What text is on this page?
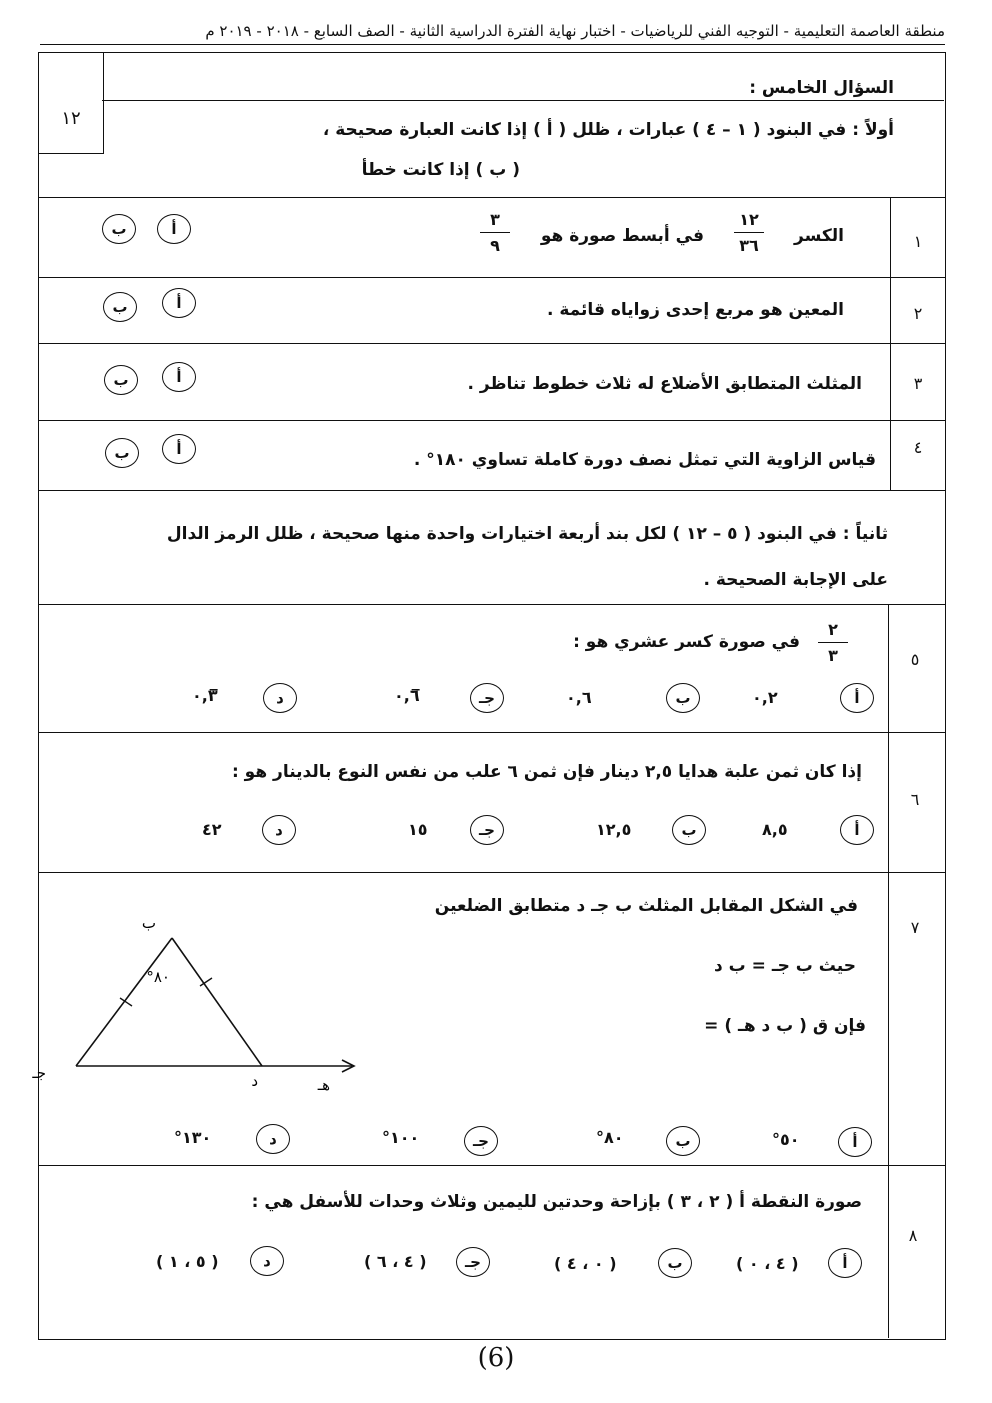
منطقة العاصمة التعليمية - التوجيه الفني للرياضيات - اختبار نهاية الفترة الدراسية الثانية - الصف السابع - ٢٠١٨ - ٢٠١٩ م
١٢
السؤال الخامس :
أولاً : في البنود ( ١ – ٤ ) عبارات ، ظلل ( أ ) إذا كانت العبارة صحيحة ،
( ب ) إذا كانت خطأ
١
الكسر
١٢
٣٦
في أبسط صورة هو
٣
٩
أ
ب
٢
المعين هو مربع إحدى زواياه قائمة .
أ
ب
٣
المثلث المتطابق الأضلاع له ثلاث خطوط تناظر .
أ
ب
٤
قياس الزاوية التي تمثل نصف دورة كاملة تساوي ١٨٠° .
أ
ب
ثانياً : في البنود ( ٥ – ١٢ ) لكل بند أربعة اختيارات واحدة منها صحيحة ، ظلل الرمز الدال
على الإجابة الصحيحة .
٥
٢
٣
في صورة كسر عشري هو :
أ
٠,٢
ب
٠,٦
جـ
٠,٦̅
د
٠,٣̅
٦
إذا كان ثمن علبة هدايا ٢,٥ دينار فإن ثمن ٦ علب من نفس النوع بالدينار هو :
أ
٨,٥
ب
١٢,٥
جـ
١٥
د
٤٢
٧
في الشكل المقابل المثلث ب جـ د متطابق الضلعين
حيث ب جـ = ب د
فإن ق ( ب د هـ ) =
ب
٨٠°
جـ	د	هـ
أ
٥٠°
ب
٨٠°
جـ
١٠٠°
د
١٣٠°
٨
صورة النقطة أ ( ٢ ، ٣ ) بإزاحة وحدتين لليمين وثلاث وحدات للأسفل هي :
أ
( ٤ ، ٠ )
ب
( ٠ ، ٤ )
جـ
( ٤ ، ٦ )
د
( ٥ ، ١ )
(6)
